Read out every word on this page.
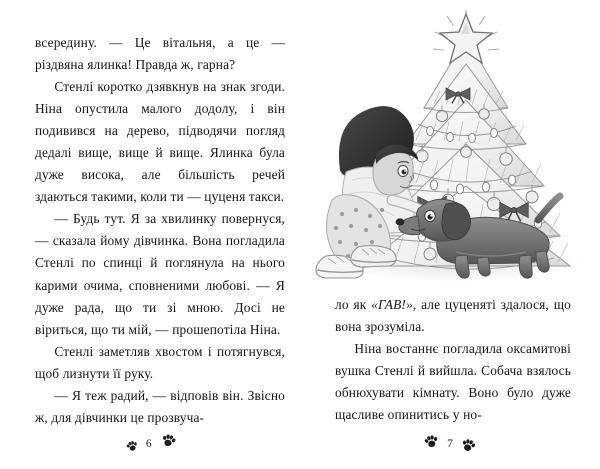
всередину. — Це вітальня, а це — різдвяна ялинка! Правда ж, гарна?

Стенлі коротко дзявкнув на знак згоди. Ніна опустила малого додолу, і він подивився на дерево, підводячи погляд дедалі вище, вище й вище. Ялинка була дуже висока, але більшість речей здаються такими, коли ти — цуценя такси.

— Будь тут. Я за хвилинку повернуся, — сказала йому дівчинка. Вона погладила Стенлі по спинці й поглянула на нього карими очима, сповненими любові. — Я дуже рада, що ти зі мною. Досі не віриться, що ти мій, — прошепотіла Ніна.

Стенлі заметляв хвостом і потягнувся, щоб лизнути її руку.

— Я теж радий, — відповів він. Звісно ж, для дівчинки це прозвуча-

6

ло як «ГАВ!», але цуценяті здалося, що вона зрозуміла.

Ніна востаннє погладила оксамитові вушка Стенлі й вийшла. Собача взялось обнюхувати кімнату. Воно було дуже щасливе опинитись у но-

7
